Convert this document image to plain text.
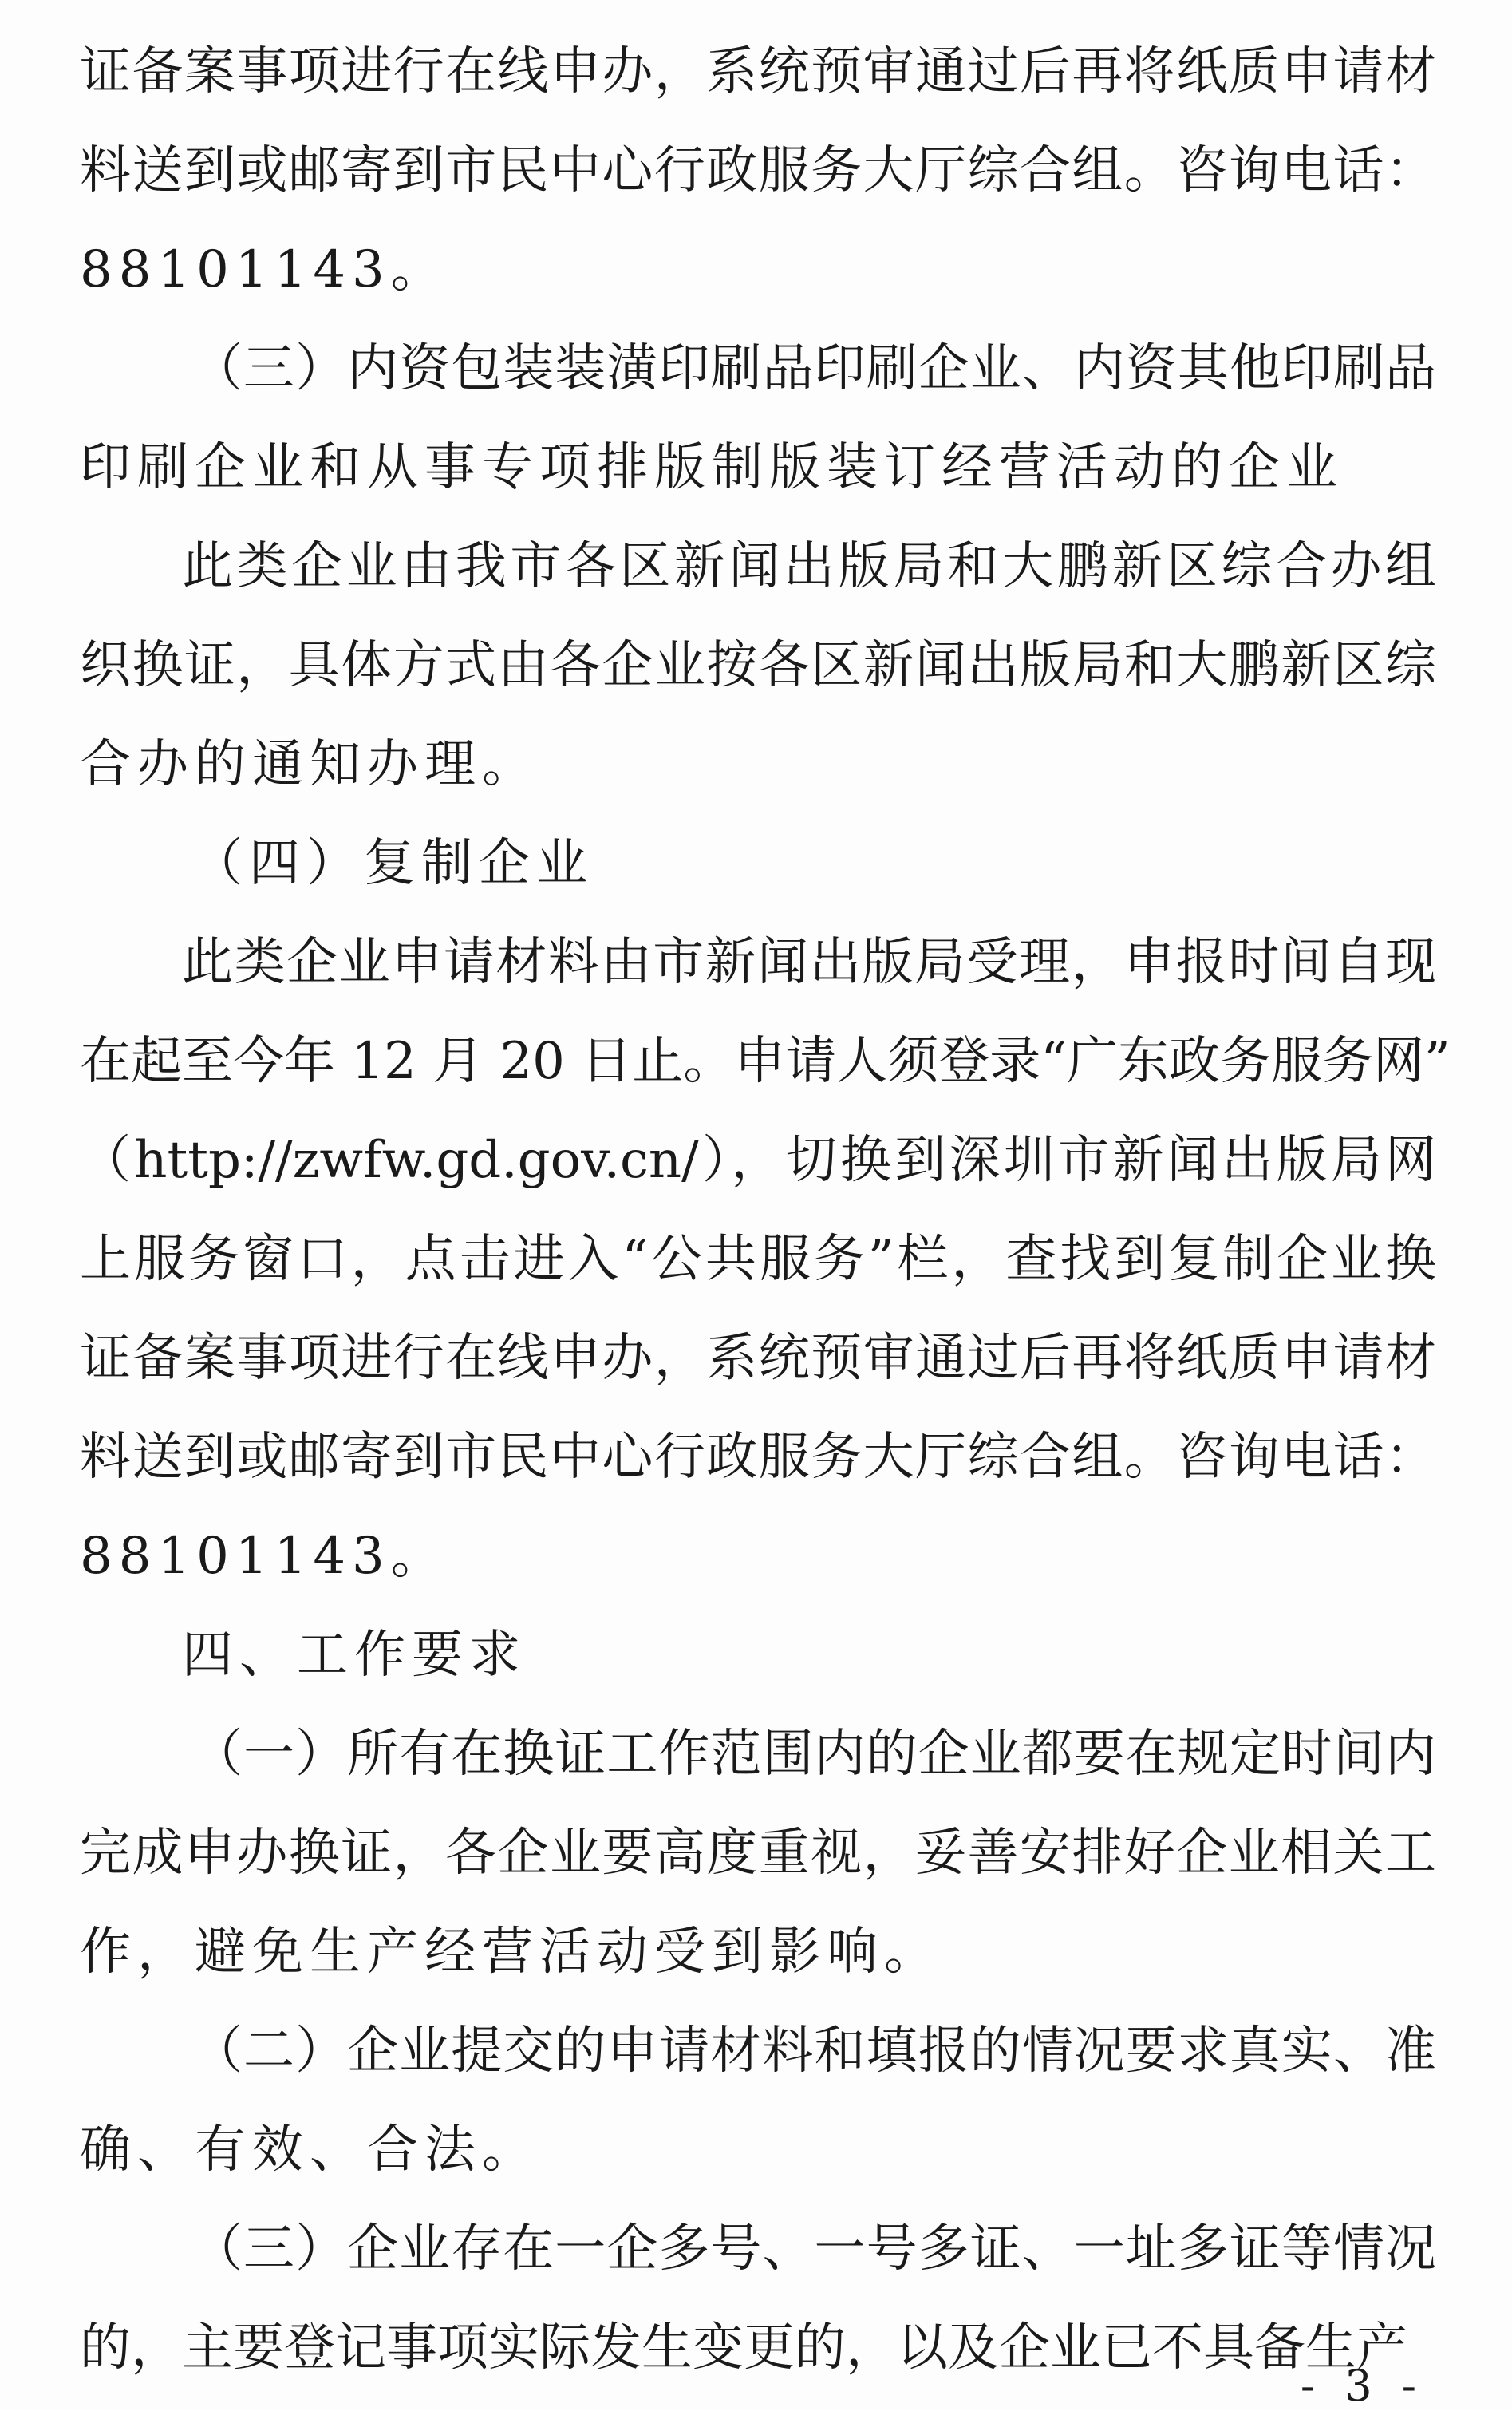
证备案事项进行在线申办，系统预审通过后再将纸质申请材
料送到或邮寄到市民中心行政服务大厅综合组。咨询电话：
88101143。
（三）内资包装装潢印刷品印刷企业、内资其他印刷品
印刷企业和从事专项排版制版装订经营活动的企业
此类企业由我市各区新闻出版局和大鹏新区综合办组
织换证，具体方式由各企业按各区新闻出版局和大鹏新区综
合办的通知办理。
（四）复制企业
此类企业申请材料由市新闻出版局受理，申报时间自现
在起至今年 12 月 20 日止。申请人须登录“广东政务服务网”
（http://zwfw.gd.gov.cn/），切换到深圳市新闻出版局网
上服务窗口，点击进入“公共服务”栏，查找到复制企业换
证备案事项进行在线申办，系统预审通过后再将纸质申请材
料送到或邮寄到市民中心行政服务大厅综合组。咨询电话：
88101143。
四、工作要求
（一）所有在换证工作范围内的企业都要在规定时间内
完成申办换证，各企业要高度重视，妥善安排好企业相关工
作，避免生产经营活动受到影响。
（二）企业提交的申请材料和填报的情况要求真实、准
确、有效、合法。
（三）企业存在一企多号、一号多证、一址多证等情况
的，主要登记事项实际发生变更的，以及企业已不具备生产
- 3 -
